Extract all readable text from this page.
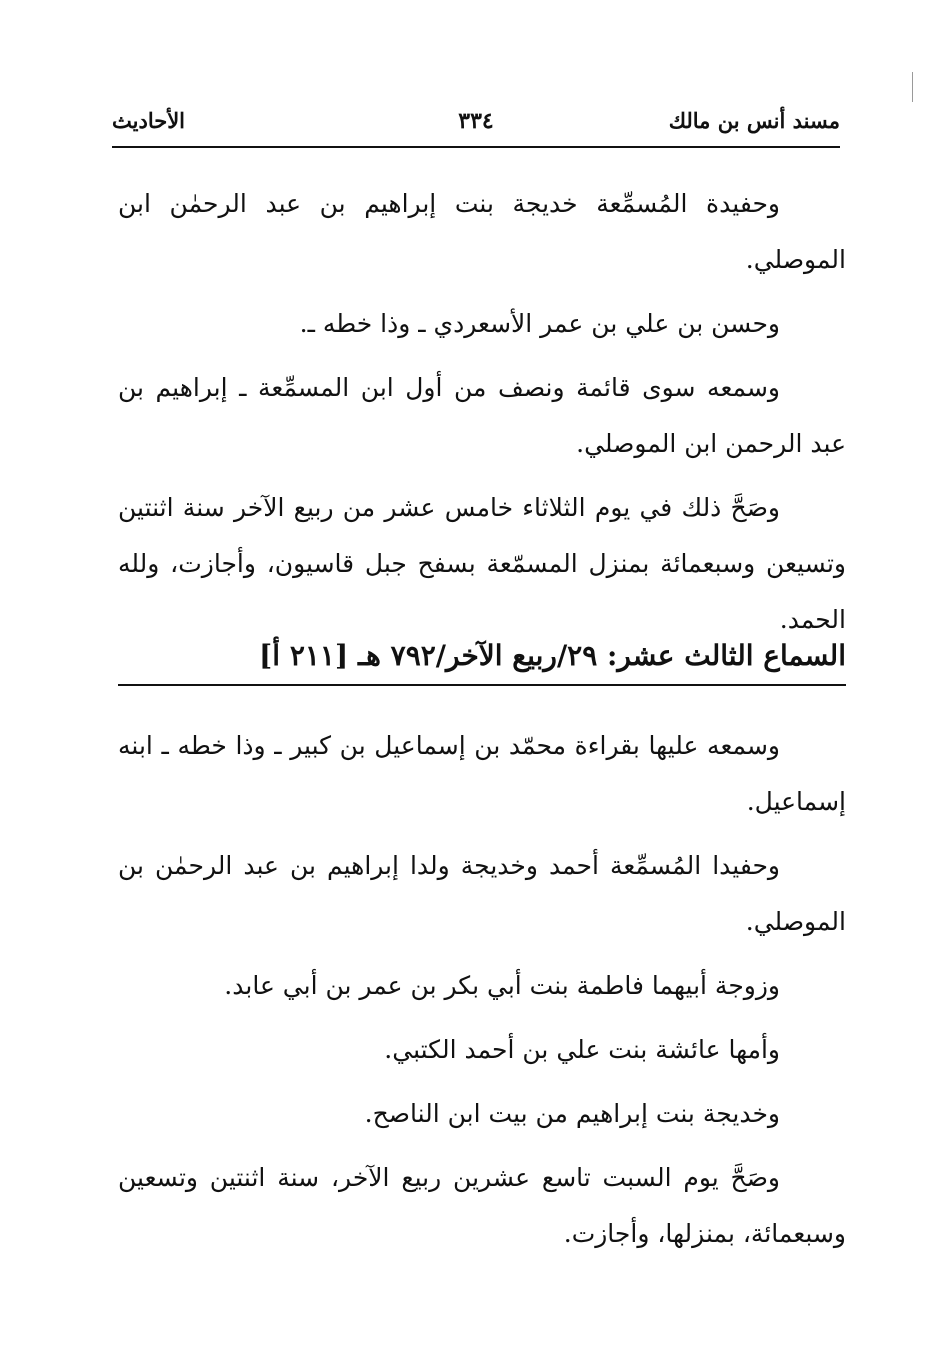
مسند أنس بن مالك
٣٣٤
الأحاديث

وحفيدة المُسمِّعة خديجة بنت إبراهيم بن عبد الرحمٰن ابن الموصلي.

وحسن بن علي بن عمر الأسعردي ـ وذا خطه ـ.

وسمعه سوى قائمة ونصف من أول ابن المسمِّعة ـ إبراهيم بن عبد الرحمن ابن الموصلي.

وصَحَّ ذلك في يوم الثلاثاء خامس عشر من ربيع الآخر سنة اثنتين وتسيعن وسبعمائة بمنزل المسمّعة بسفح جبل قاسيون، وأجازت، ولله الحمد.

السماع الثالث عشر: ٢٩/ربيع الآخر/٧٩٢ هـ [٢١١ أ]

وسمعه عليها بقراءة محمّد بن إسماعيل بن كبير ـ وذا خطه ـ ابنه إسماعيل.

وحفيدا المُسمِّعة أحمد وخديجة ولدا إبراهيم بن عبد الرحمٰن بن الموصلي.

وزوجة أبيهما فاطمة بنت أبي بكر بن عمر بن أبي عابد.

وأمها عائشة بنت علي بن أحمد الكتبي.

وخديجة بنت إبراهيم من بيت ابن الناصح.

وصَحَّ يوم السبت تاسع عشرين ربيع الآخر، سنة اثنتين وتسعين وسبعمائة، بمنزلها، وأجازت.
